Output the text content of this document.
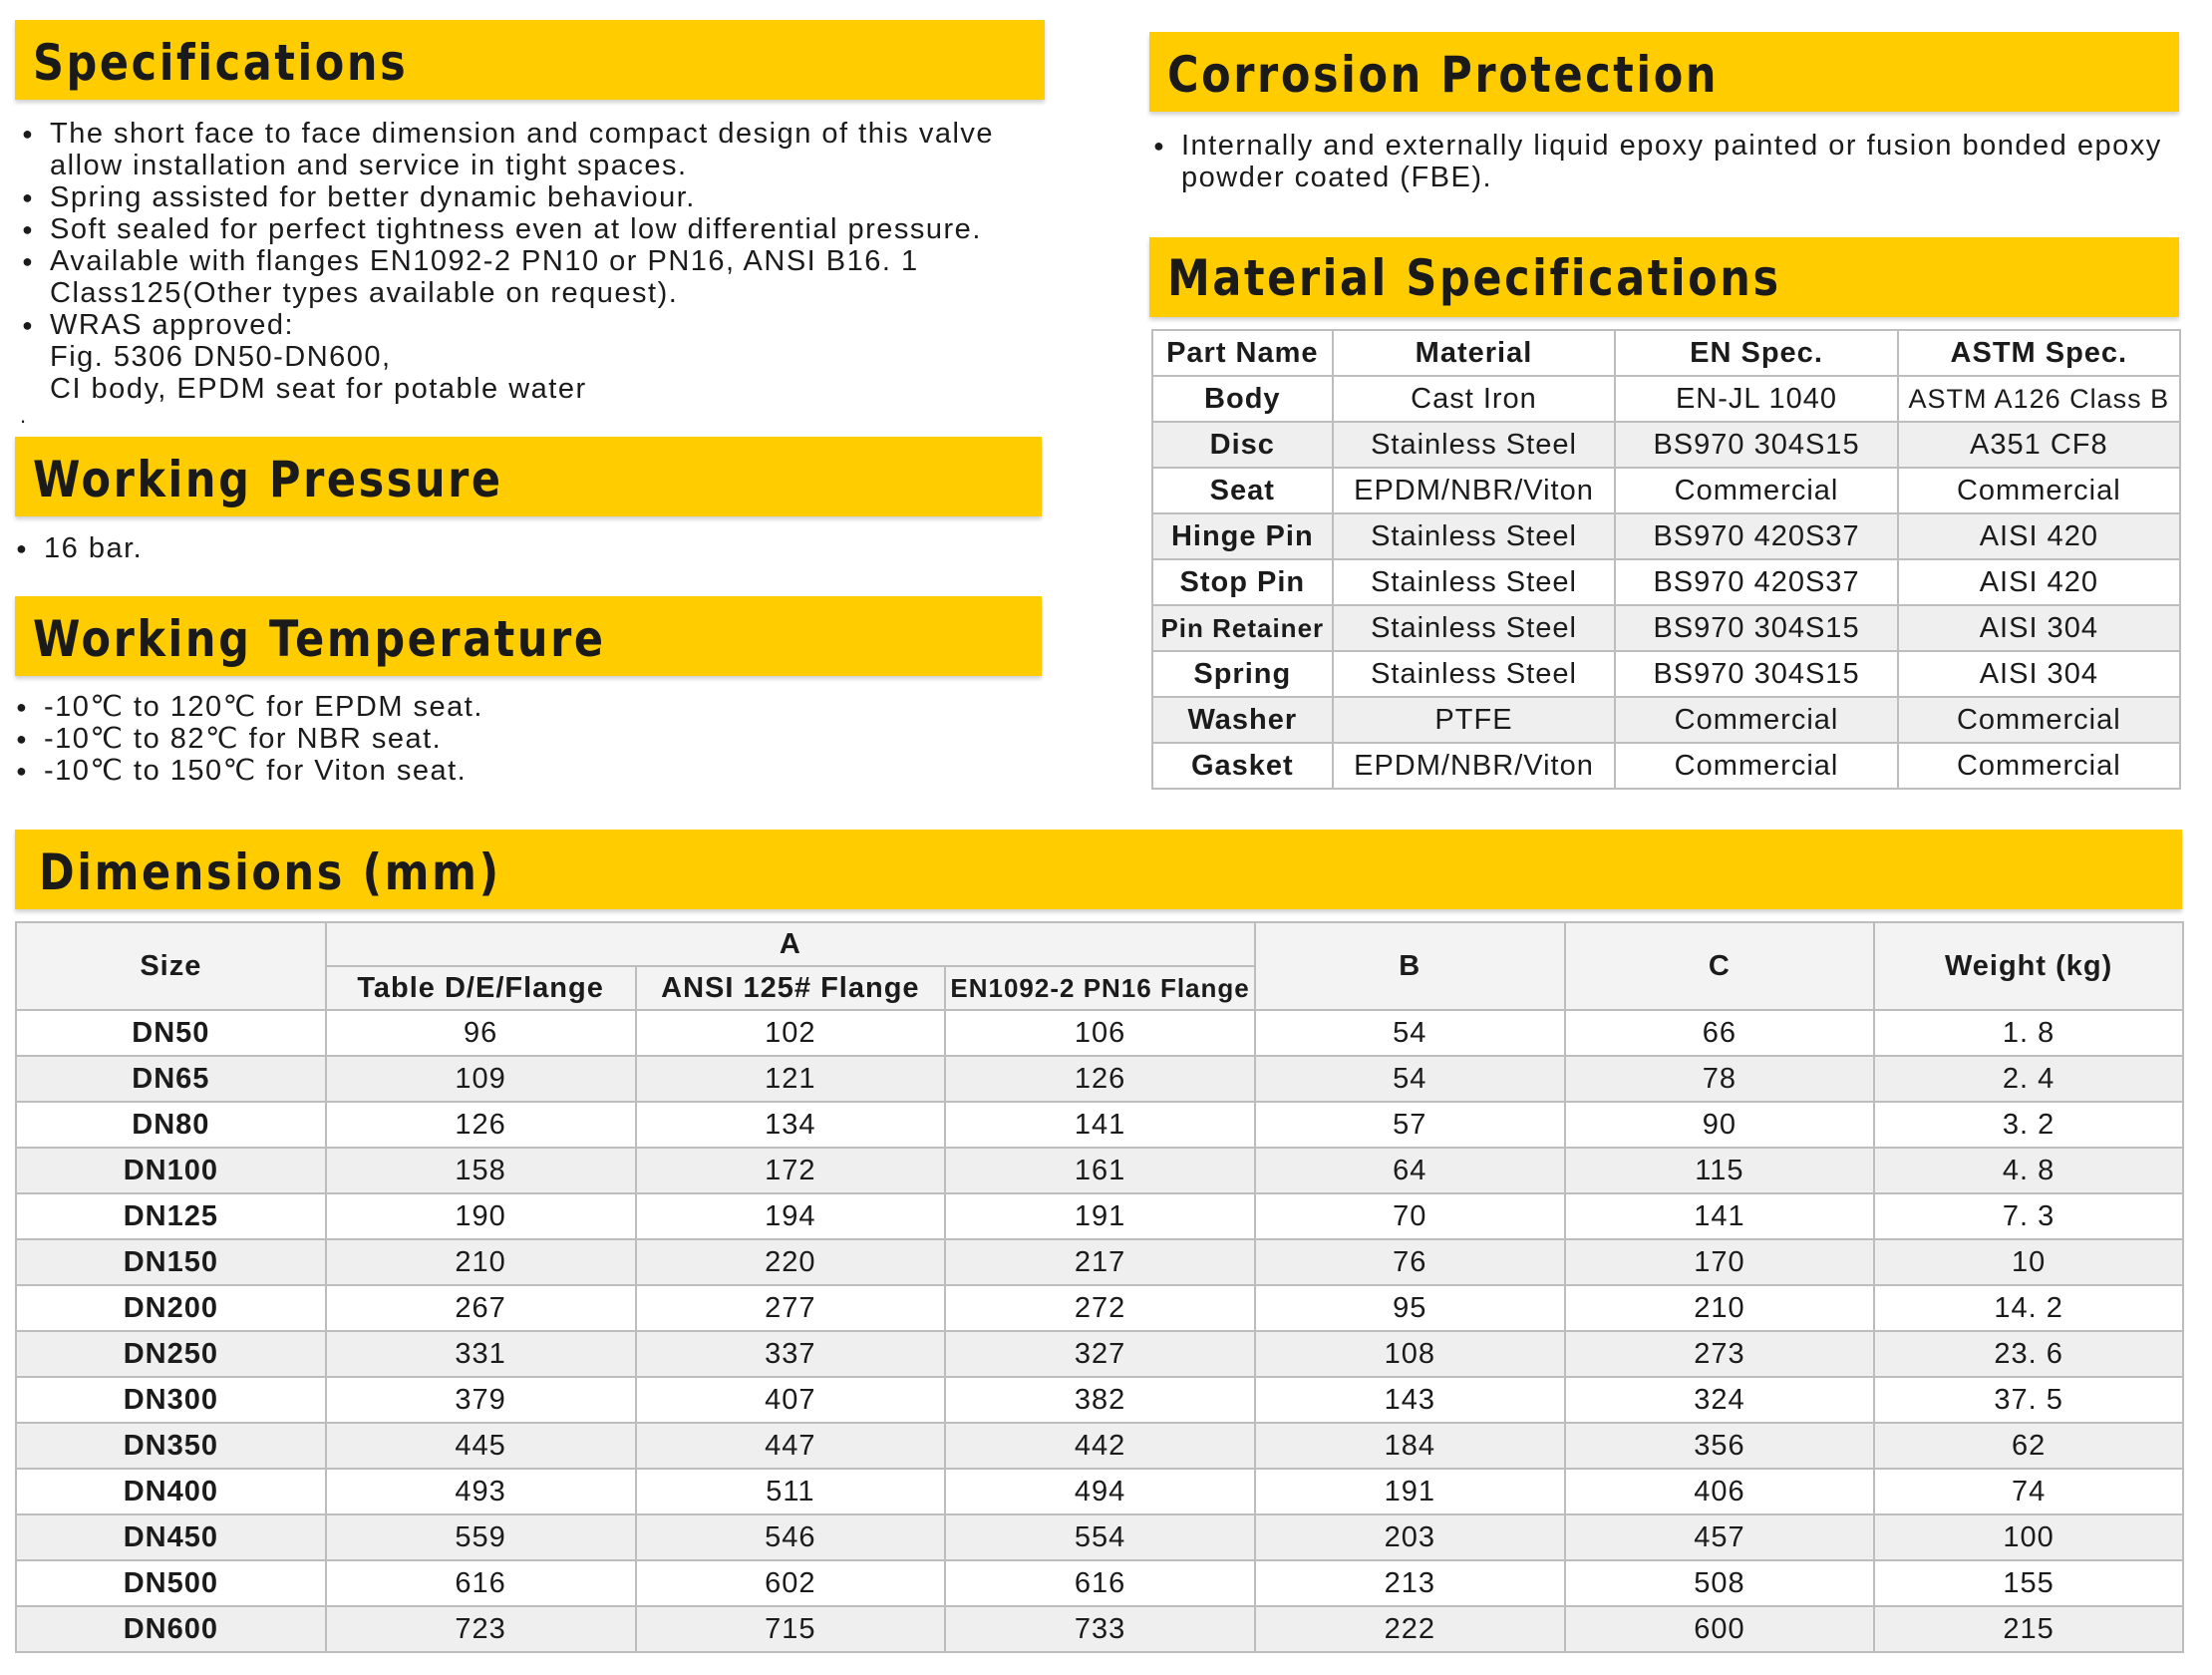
Specifications
● The short face to face dimension and compact design of this valve
allow installation and service in tight spaces.
● Spring assisted for better dynamic behaviour.
● Soft sealed for perfect tightness even at low differential pressure.
● Available with flanges EN1092-2 PN10 or PN16, ANSI B16. 1
Class125(Other types available on request).
● WRAS approved:
Fig. 5306 DN50-DN600,
CI body, EPDM seat for potable water
.
Working Pressure
● 16 bar.
Working Temperature
● -10℃ to 120℃ for EPDM seat.
● -10℃ to 82℃ for NBR seat.
● -10℃ to 150℃ for Viton seat.
Corrosion Protection
● Internally and externally liquid epoxy painted or fusion bonded epoxy
powder coated (FBE).
Material Specifications
Part Name	Material	EN Spec.	ASTM Spec.
Body	Cast Iron	EN-JL 1040	ASTM A126 Class B
Disc	Stainless Steel	BS970 304S15	A351 CF8
Seat	EPDM/NBR/Viton	Commercial	Commercial
Hinge Pin	Stainless Steel	BS970 420S37	AISI 420
Stop Pin	Stainless Steel	BS970 420S37	AISI 420
Pin Retainer	Stainless Steel	BS970 304S15	AISI 304
Spring	Stainless Steel	BS970 304S15	AISI 304
Washer	PTFE	Commercial	Commercial
Gasket	EPDM/NBR/Viton	Commercial	Commercial
Dimensions (mm)
Size	A			B	C	Weight (kg)
	Table D/E/Flange	ANSI 125# Flange	EN1092-2 PN16 Flange			
DN50	96	102	106	54	66	1. 8
DN65	109	121	126	54	78	2. 4
DN80	126	134	141	57	90	3. 2
DN100	158	172	161	64	115	4. 8
DN125	190	194	191	70	141	7. 3
DN150	210	220	217	76	170	10
DN200	267	277	272	95	210	14. 2
DN250	331	337	327	108	273	23. 6
DN300	379	407	382	143	324	37. 5
DN350	445	447	442	184	356	62
DN400	493	511	494	191	406	74
DN450	559	546	554	203	457	100
DN500	616	602	616	213	508	155
DN600	723	715	733	222	600	215
